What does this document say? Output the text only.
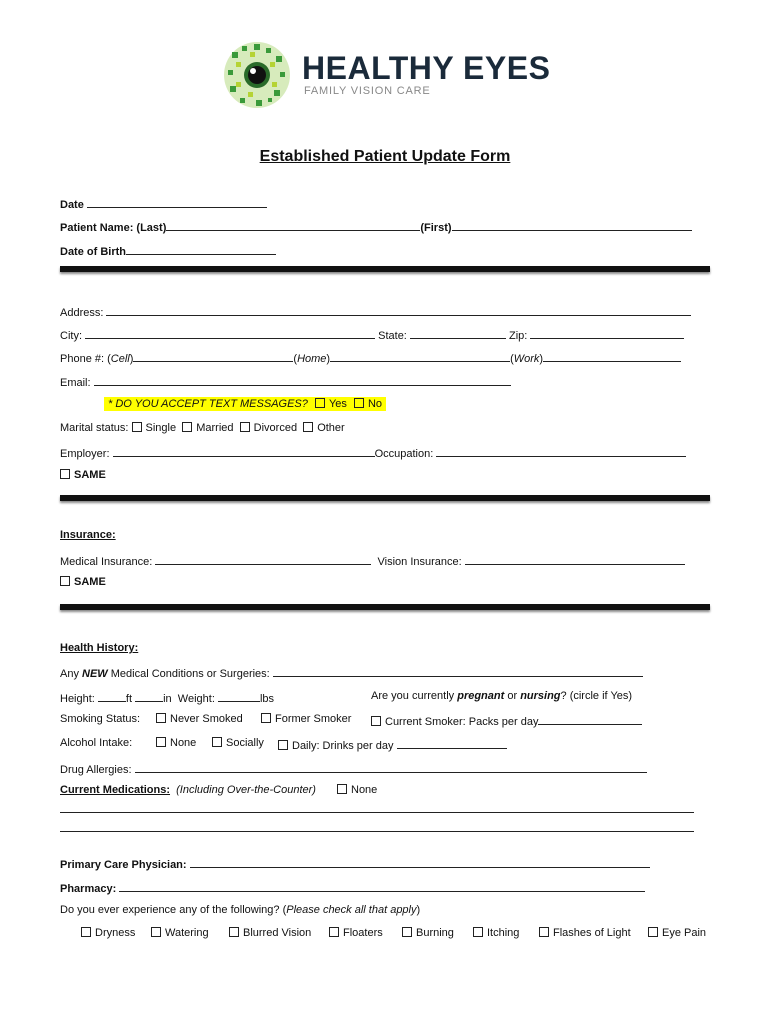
HEALTHY EYES
FAMILY VISION CARE
Established Patient Update Form
Date
Patient Name: (Last)	(First)
Date of Birth
Address:
City:	State:	Zip:
Phone #: (Cell)	(Home)	(Work)
Email:
* DO YOU ACCEPT TEXT MESSAGES? Yes No
Marital status: Single Married Divorced Other
Employer:	Occupation:
SAME
Insurance:
Medical Insurance:	Vision Insurance:
SAME
Health History:
Any NEW Medical Conditions or Surgeries:
Height:	ft	in Weight:	lbs	Are you currently pregnant or nursing? (circle if Yes)
Smoking Status:	Never Smoked	Former Smoker	Current Smoker: Packs per day
Alcohol Intake:	None	Socially	Daily: Drinks per day
Drug Allergies:
Current Medications: (Including Over-the-Counter)	None
Primary Care Physician:
Pharmacy:
Do you ever experience any of the following? (Please check all that apply)
Dryness	Watering	Blurred Vision	Floaters	Burning	Itching	Flashes of Light	Eye Pain
